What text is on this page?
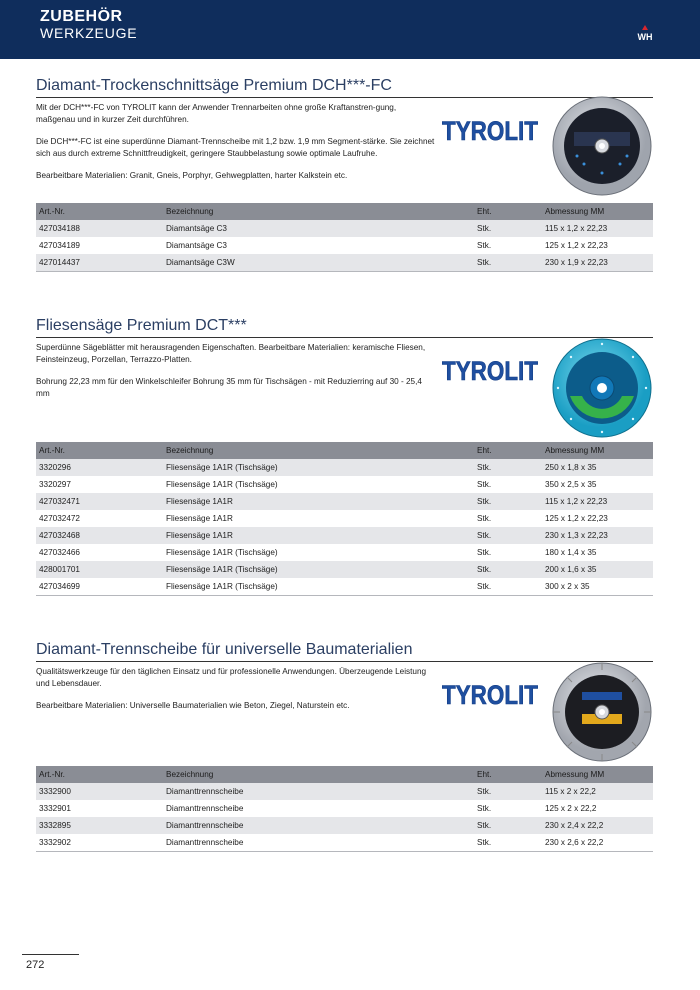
ZUBEHÖR
WERKZEUGE	WH
Diamant-Trockenschnittsäge Premium DCH***-FC

Mit der DCH***-FC von TYROLIT kann der Anwender Trennarbeiten ohne große Kraftanstren-gung, maßgenau und in kurzer Zeit durchführen.

Die DCH***-FC ist eine superdünne Diamant-Trennscheibe mit 1,2 bzw. 1,9 mm Segment-stärke. Sie zeichnet sich aus durch extreme Schnittfreudigkeit, geringere Staubbelastung sowie optimale Laufruhe.

Bearbeitbare Materialien: Granit, Gneis, Porphyr, Gehwegplatten, harter Kalkstein etc.

TYROLIT
Art.-Nr.	Bezeichnung	Eht.	Abmessung MM
427034188	Diamantsäge C3	Stk.	115 x 1,2 x 22,23
427034189	Diamantsäge C3	Stk.	125 x 1,2 x 22,23
427014437	Diamantsäge C3W	Stk.	230 x 1,9 x 22,23
Fliesensäge Premium DCT***

Superdünne Sägeblätter mit herausragenden Eigenschaften. Bearbeitbare Materialien: keramische Fliesen, Feinsteinzeug, Porzellan, Terrazzo-Platten.

Bohrung 22,23 mm für den Winkelschleifer Bohrung 35 mm für Tischsägen - mit Reduzierring auf 30 - 25,4 mm

TYROLIT
Art.-Nr.	Bezeichnung	Eht.	Abmessung MM
3320296	Fliesensäge 1A1R (Tischsäge)	Stk.	250 x 1,8 x 35
3320297	Fliesensäge 1A1R (Tischsäge)	Stk.	350 x 2,5 x 35
427032471	Fliesensäge 1A1R	Stk.	115 x 1,2 x 22,23
427032472	Fliesensäge 1A1R	Stk.	125 x 1,2 x 22,23
427032468	Fliesensäge 1A1R	Stk.	230 x 1,3 x 22,23
427032466	Fliesensäge 1A1R (Tischsäge)	Stk.	180 x 1,4 x 35
428001701	Fliesensäge 1A1R (Tischsäge)	Stk.	200 x 1,6 x 35
427034699	Fliesensäge 1A1R (Tischsäge)	Stk.	300 x 2 x 35
Diamant-Trennscheibe für universelle Baumaterialien

Qualitätswerkzeuge für den täglichen Einsatz und für professionelle Anwendungen. Überzeugende Leistung und Lebensdauer.

Bearbeitbare Materialien: Universelle Baumaterialien wie Beton, Ziegel, Naturstein etc.	TYROLIT
Art.-Nr.	Bezeichnung	Eht.	Abmessung MM
3332900	Diamanttrennscheibe	Stk.	115 x 2 x 22,2
3332901	Diamanttrennscheibe	Stk.	125 x 2 x 22,2
3332895	Diamanttrennscheibe	Stk.	230 x 2,4 x 22,2
3332902	Diamanttrennscheibe	Stk.	230 x 2,6 x 22,2
272
